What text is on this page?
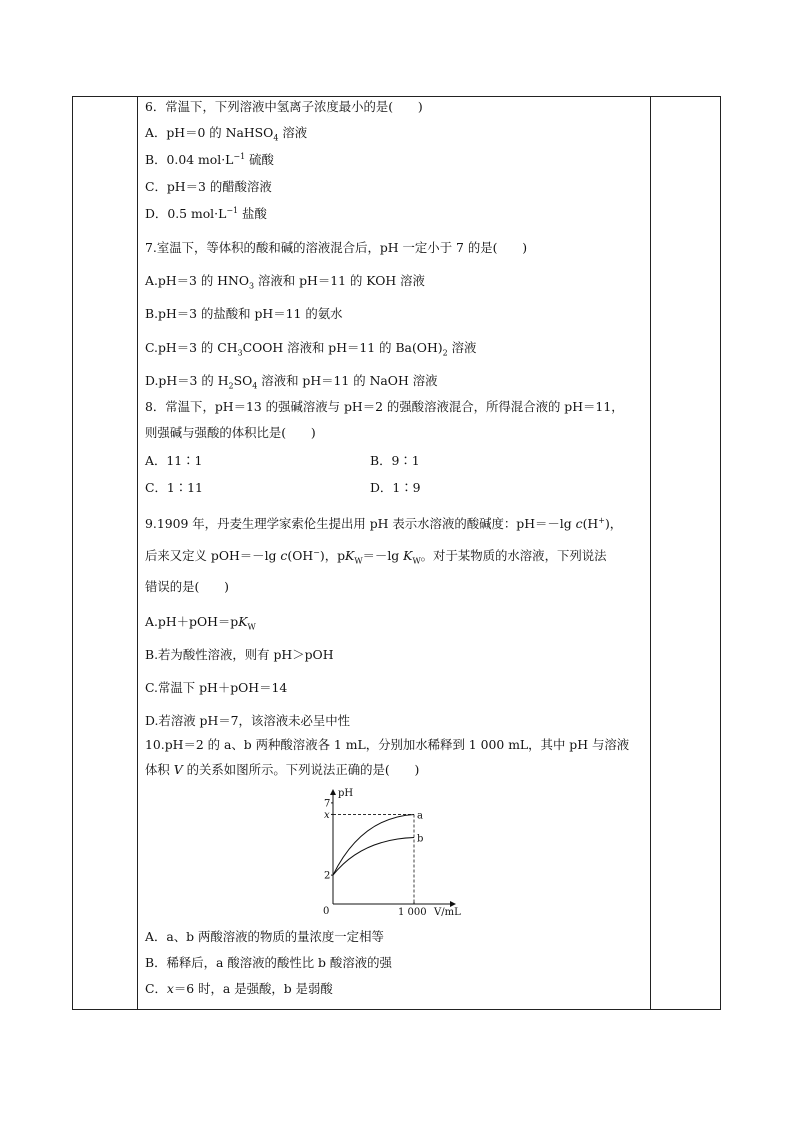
6．常温下，下列溶液中氢离子浓度最小的是(　　)
A．pH＝0 的 NaHSO$_4$ 溶液
B．0.04 $mol\cdot L^{-1}$ 硫酸
C．pH＝3 的醋酸溶液
D．0.5 $mol\cdot L^{-1}$ 盐酸
7.室温下，等体积的酸和碱的溶液混合后，pH 一定小于 7 的是(　　)
A.pH＝3 的 $HNO_3$ 溶液和 pH＝11 的 KOH 溶液
B.pH＝3 的盐酸和 pH＝11 的氨水
C.pH＝3 的 $CH_3COOH$ 溶液和 pH＝11 的 $Ba(OH)_2$ 溶液
D.pH＝3 的 $H_2SO_4$ 溶液和 pH＝11 的 NaOH 溶液
8．常温下，pH＝13 的强碱溶液与 pH＝2 的强酸溶液混合，所得混合液的 pH＝11，
则强碱与强酸的体积比是(　　)
A．11∶1	B．9∶1
C．1∶11	D．1∶9
9.1909 年，丹麦生理学家索伦生提出用 pH 表示水溶液的酸碱度：pH＝－lg c(H+)，
后来又定义 pOH＝－lg c(OH−)，$pK_W=-\lg$ $K_W$。对于某物质的水溶液，下列说法
错误的是(　　)
$A.pH+pOH=pK_W$
B.若为酸性溶液，则有 pH＞pOH
C.常温下 pH＋pOH＝14
D.若溶液 pH＝7，该溶液未必呈中性
10.pH＝2 的 a、b 两种酸溶液各 1 mL，分别加水稀释到 1 000 mL，其中 pH 与溶液
体积 V 的关系如图所示。下列说法正确的是(　　)
A．a、b 两酸溶液的物质的量浓度一定相等
B．稀释后，a 酸溶液的酸性比 b 酸溶液的强
C．x＝6 时，a 是强酸，b 是弱酸
pH
V/mL
0	1 000
2
x
7
a
b
